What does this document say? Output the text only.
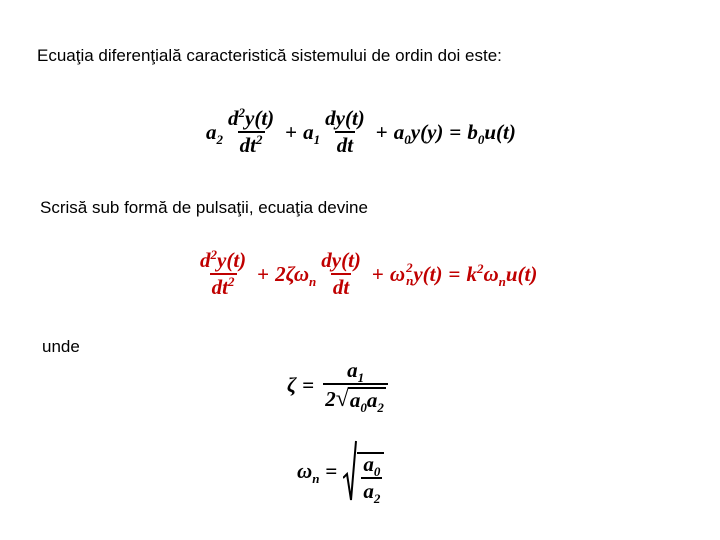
Ecuaţia diferenţială caracteristică sistemului de ordin doi este:
$a_2 \frac{d^2y(t)}{dt^2} + a_1 \frac{dy(t)}{dt} + a_0$ $y(y) = b_0$ u(t)
Scrisă sub formă de pulsaţii, ecuaţia devine
$\frac{d^2y(t)}{dt^2} + 2\zeta\omega_n \frac{dy(t)}{dt} + \omega$ 2
n $y(t) = k^2$ $\omega_n$ u(t)
unde
$\zeta = \frac{a_1}{2 √ a_0a_2}$
$\omega_n = \frac{a_0}{a_2}$
